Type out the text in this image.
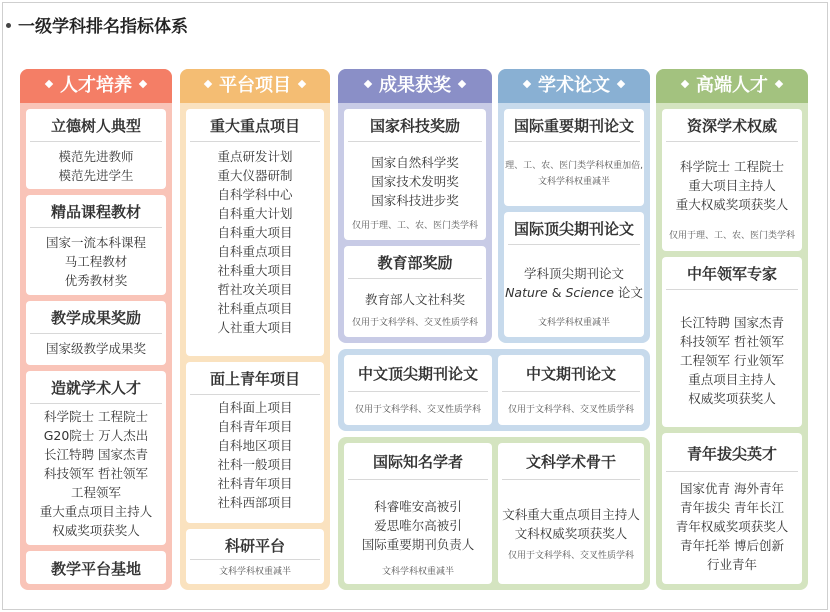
一级学科排名指标体系
人才培养
立德树人典型
模范先进教师
模范先进学生
精品课程教材
国家一流本科课程
马工程教材
优秀教材奖
教学成果奖励
国家级教学成果奖
造就学术人才
科学院士 工程院士
G20院士 万人杰出
长江特聘 国家杰青
科技领军 哲社领军
工程领军
重大重点项目主持人
权威奖项获奖人
教学平台基地
平台项目
重大重点项目
重点研发计划
重大仪器研制
自科学科中心
自科重大计划
自科重大项目
自科重点项目
社科重大项目
哲社攻关项目
社科重点项目
人社重大项目
面上青年项目
自科面上项目
自科青年项目
自科地区项目
社科一般项目
社科青年项目
社科西部项目
科研平台
文科学科权重减半
成果获奖
国家科技奖励
国家自然科学奖
国家技术发明奖
国家科技进步奖
仅用于理、工、农、医门类学科
教育部奖励
教育部人文社科奖
仅用于文科学科、交叉性质学科
学术论文
国际重要期刊论文
理、工、农、医门类学科权重加倍,
文科学科权重减半
国际顶尖期刊论文
学科顶尖期刊论文
Nature & Science 论文
文科学科权重减半
中文顶尖期刊论文
仅用于文科学科、交叉性质学科
中文期刊论文
仅用于文科学科、交叉性质学科
国际知名学者
科睿唯安高被引
爱思唯尔高被引
国际重要期刊负责人
文科学科权重减半
文科学术骨干
文科重大重点项目主持人
文科权威奖项获奖人
仅用于文科学科、交叉性质学科
高端人才
资深学术权威
科学院士 工程院士
重大项目主持人
重大权威奖项获奖人
仅用于理、工、农、医门类学科
中年领军专家
长江特聘 国家杰青
科技领军 哲社领军
工程领军 行业领军
重点项目主持人
权威奖项获奖人
青年拔尖英才
国家优青 海外青年
青年拔尖 青年长江
青年权威奖项获奖人
青年托举 博后创新
行业青年
